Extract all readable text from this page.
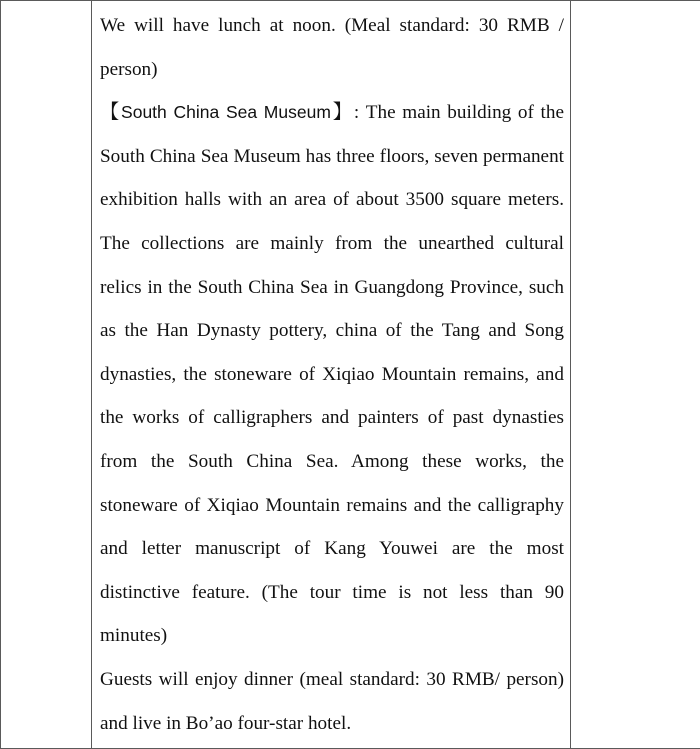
We will have lunch at noon. (Meal standard: 30 RMB / person)

【South China Sea Museum】: The main building of the South China Sea Museum has three floors, seven permanent exhibition halls with an area of about 3500 square meters. The collections are mainly from the unearthed cultural relics in the South China Sea in Guangdong Province, such as the Han Dynasty pottery, china of the Tang and Song dynasties, the stoneware of Xiqiao Mountain remains, and the works of calligraphers and painters of past dynasties from the South China Sea. Among these works, the stoneware of Xiqiao Mountain remains and the calligraphy and letter manuscript of Kang Youwei are the most distinctive feature. (The tour time is not less than 90 minutes)

Guests will enjoy dinner (meal standard: 30 RMB/ person) and live in Bo’ao four-star hotel.
